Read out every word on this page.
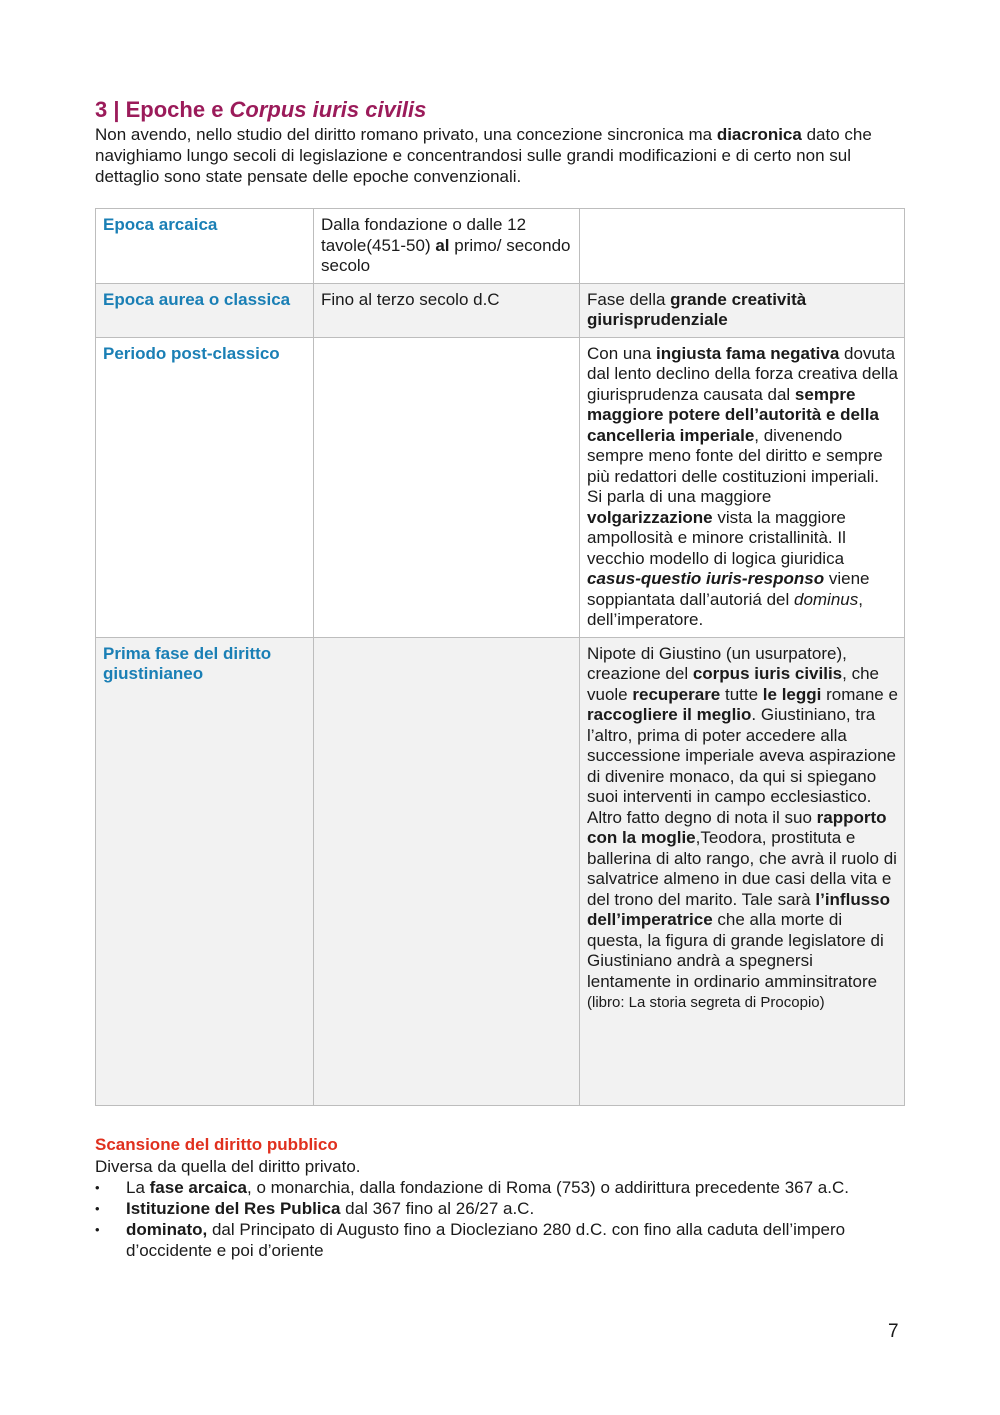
3 | Epoche e Corpus iuris civilis

Non avendo, nello studio del diritto romano privato, una concezione sincronica ma diacronica dato che navighiamo lungo secoli di legislazione e concentrandosi sulle grandi modificazioni e di certo non sul dettaglio sono state pensate delle epoche convenzionali.

Epoca arcaica	Dalla fondazione o dalle 12 tavole(451-50) al primo/ secondo secolo	
Epoca aurea o classica	Fino al terzo secolo d.C	Fase della grande creatività giurisprudenziale
Periodo post-classico		Con una ingiusta fama negativa dovuta dal lento declino della forza creativa della giurisprudenza causata dal sempre maggiore potere dell’autorità e della cancelleria imperiale, divenendo sempre meno fonte del diritto e sempre più redattori delle costituzioni imperiali.
Si parla di una maggiore volgarizzazione vista la maggiore ampollosità e minore cristallinità. Il vecchio modello di logica giuridica casus-questio iuris-responso viene soppiantata dall’autoriá del dominus, dell’imperatore.
Prima fase del diritto giustinianeo		Nipote di Giustino (un usurpatore), creazione del corpus iuris civilis, che vuole recuperare tutte le leggi romane e raccogliere il meglio. Giustiniano, tra l’altro, prima di poter accedere alla successione imperiale aveva aspirazione di divenire monaco, da qui si spiegano suoi interventi in campo ecclesiastico. Altro fatto degno di nota il suo rapporto con la moglie,Teodora, prostituta e ballerina di alto rango, che avrà il ruolo di salvatrice almeno in due casi della vita e del trono del marito. Tale sarà l’influsso dell’imperatrice che alla morte di questa, la figura di grande legislatore di Giustiniano andrà a spegnersi lentamente in ordinario amminsitratore (libro: La storia segreta di Procopio)
Scansione del diritto pubblico

Diversa da quella del diritto privato.

• La fase arcaica, o monarchia, dalla fondazione di Roma (753) o addirittura precedente 367 a.C.
• Istituzione del Res Publica dal 367 fino al 26/27 a.C.
• dominato, dal Principato di Augusto fino a Diocleziano 280 d.C. con fino alla caduta dell’impero d’occidente e poi d’oriente
7
